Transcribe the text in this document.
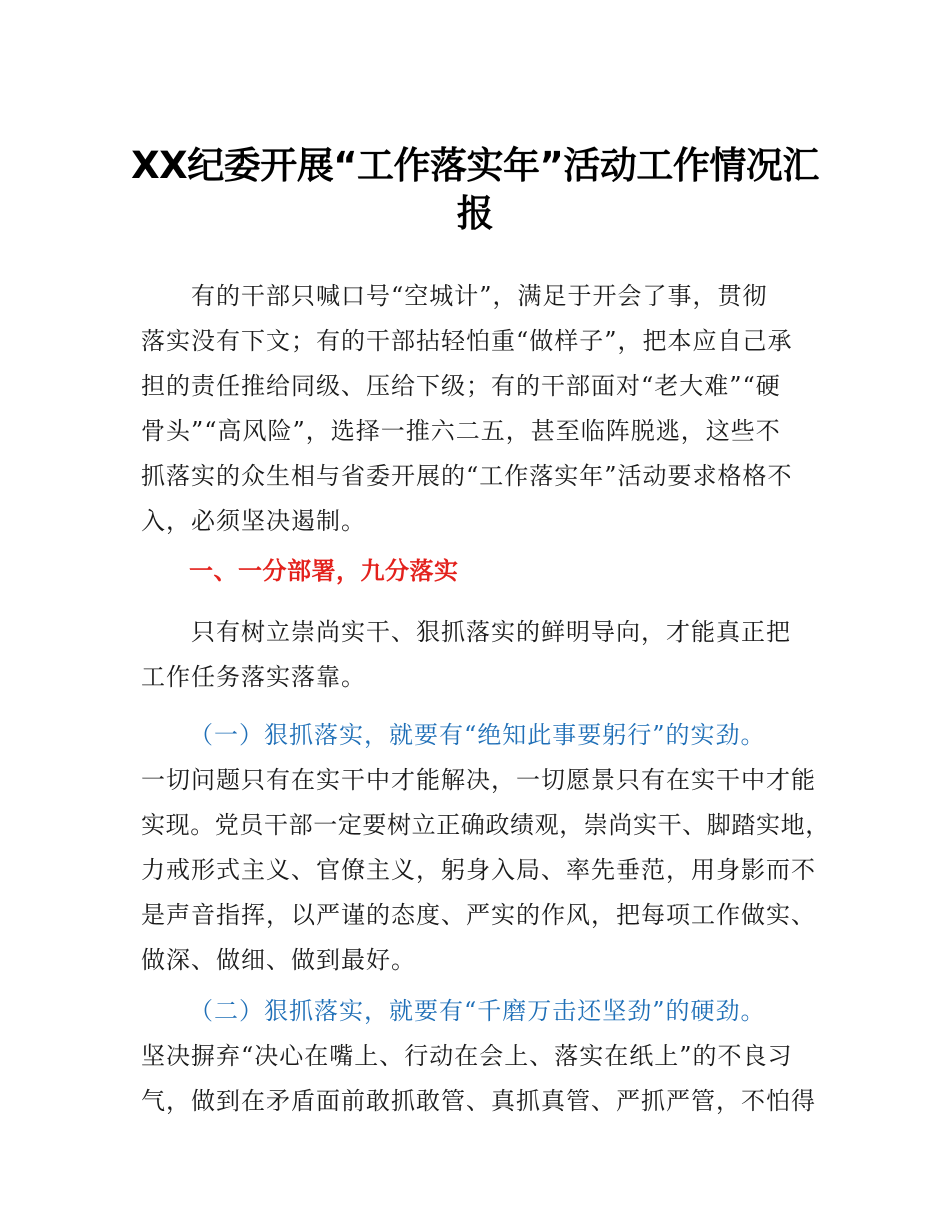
XX纪委开展“工作落实年”活动工作情况汇
报

有的干部只喊口号“空城计”，满足于开会了事，贯彻
落实没有下文；有的干部拈轻怕重“做样子”，把本应自己承
担的责任推给同级、压给下级；有的干部面对“老大难”“硬
骨头”“高风险”，选择一推六二五，甚至临阵脱逃，这些不
抓落实的众生相与省委开展的“工作落实年”活动要求格格不
入，必须坚决遏制。

一、一分部署，九分落实

只有树立崇尚实干、狠抓落实的鲜明导向，才能真正把
工作任务落实落靠。

（一）狠抓落实，就要有“绝知此事要躬行”的实劲。
一切问题只有在实干中才能解决，一切愿景只有在实干中才能
实现。党员干部一定要树立正确政绩观，崇尚实干、脚踏实地，
力戒形式主义、官僚主义，躬身入局、率先垂范，用身影而不
是声音指挥，以严谨的态度、严实的作风，把每项工作做实、
做深、做细、做到最好。

（二）狠抓落实，就要有“千磨万击还坚劲”的硬劲。
坚决摒弃“决心在嘴上、行动在会上、落实在纸上”的不良习
气，做到在矛盾面前敢抓敢管、真抓真管、严抓严管，不怕得
